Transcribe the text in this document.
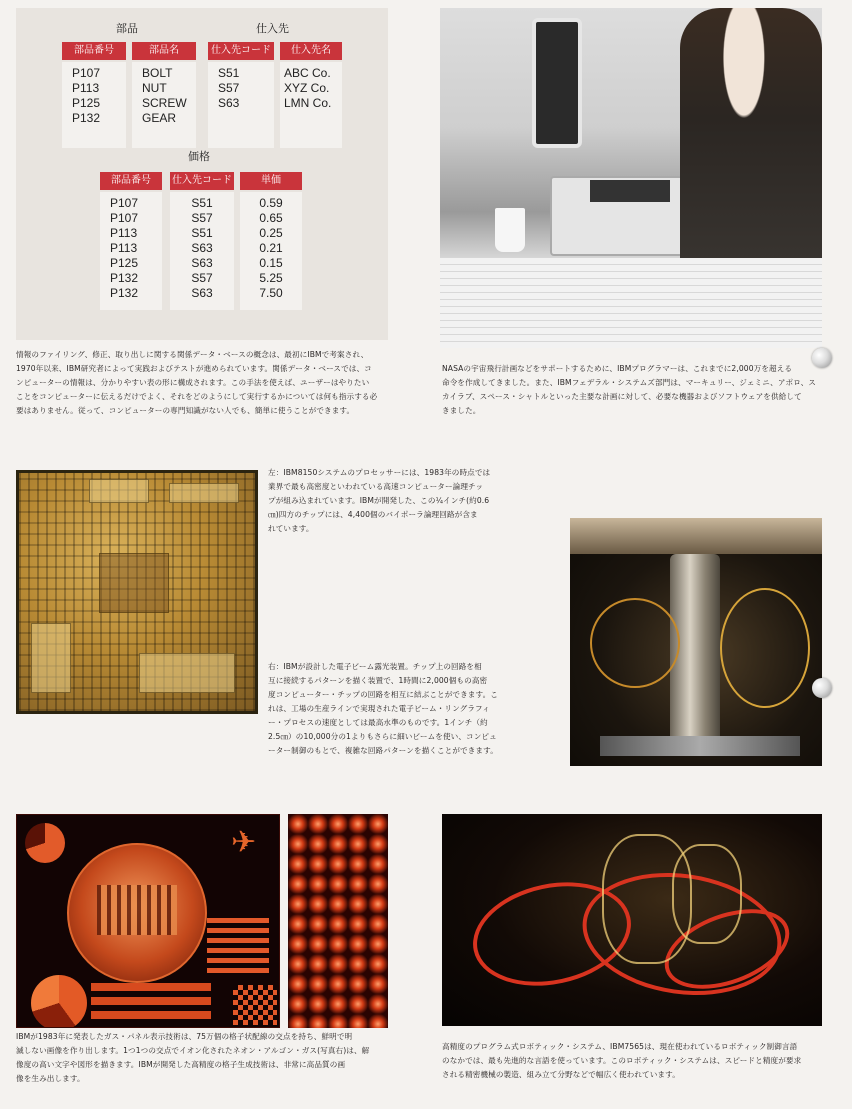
部品	仕入先
部品番号
P107
P113
P125
P132
部品名
BOLT
NUT
SCREW
GEAR
仕入先コード
S51
S57
S63
仕入先名
ABC Co.
XYZ Co.
LMN Co.
価格
部品番号
P107
P107
P113
P113
P125
P132
P132
仕入先コード
S51
S57
S51
S63
S63
S57
S63
単価
0.59
0.65
0.25
0.21
0.15
5.25
7.50
情報のファイリング、修正、取り出しに関する関係データ・ベースの概念は、最初にIBMで考案され、
1970年以来、IBM研究者によって実践およびテストが進められています。関係データ・ベースでは、コ
ンピューターの情報は、分かりやすい表の形に構成されます。この手法を使えば、ユーザーはやりたい
ことをコンピューターに伝えるだけでよく、それをどのようにして実行するかについては何も指示する必
要はありません。従って、コンピューターの専門知識がない人でも、簡単に使うことができます。
NASAの宇宙飛行計画などをサポートするために、IBMプログラマーは、これまでに2,000万を超える
命令を作成してきました。また、IBMフェデラル・システムズ部門は、マーキュリー、ジェミニ、アポロ、ス
カイラブ、スペース・シャトルといった主要な計画に対して、必要な機器およびソフトウェアを供給して
きました。
左：IBM8150システムのプロセッサーには、1983年の時点では
業界で最も高密度といわれている高速コンピューター論理チッ
プが組み込まれています。IBMが開発した、この¼インチ(約0.6
㎝)四方のチップには、4,400個のバイポーラ論理回路が含ま
れています。
右：IBMが設計した電子ビーム露光装置。チップ上の回路を相
互に接続するパターンを描く装置で、1時間に2,000個もの高密
度コンピューター・チップの回路を相互に結ぶことができます。こ
れは、工場の生産ラインで実現された電子ビーム・リングラフィ
ー・プロセスの速度としては最高水準のものです。1インチ（約
2.5㎝）の10,000分の1よりもさらに細いビームを使い、コンピュ
ーター制御のもとで、複雑な回路パターンを描くことができます。
✈
IBMが1983年に発表したガス・パネル表示技術は、75万個の格子状配線の交点を持ち、鮮明で明
滅しない画像を作り出します。1つ1つの交点でイオン化されたネオン・アルゴン・ガス(写真右)は、解
像度の高い文字や図形を描きます。IBMが開発した高精度の格子生成技術は、非常に高品質の画
像を生み出します。
高精度のプログラム式ロボティック・システム、IBM7565は、現在使われているロボティック制御言語
のなかでは、最も先進的な言語を使っています。このロボティック・システムは、スピードと精度が要求
される精密機械の製造、組み立て分野などで幅広く使われています。
